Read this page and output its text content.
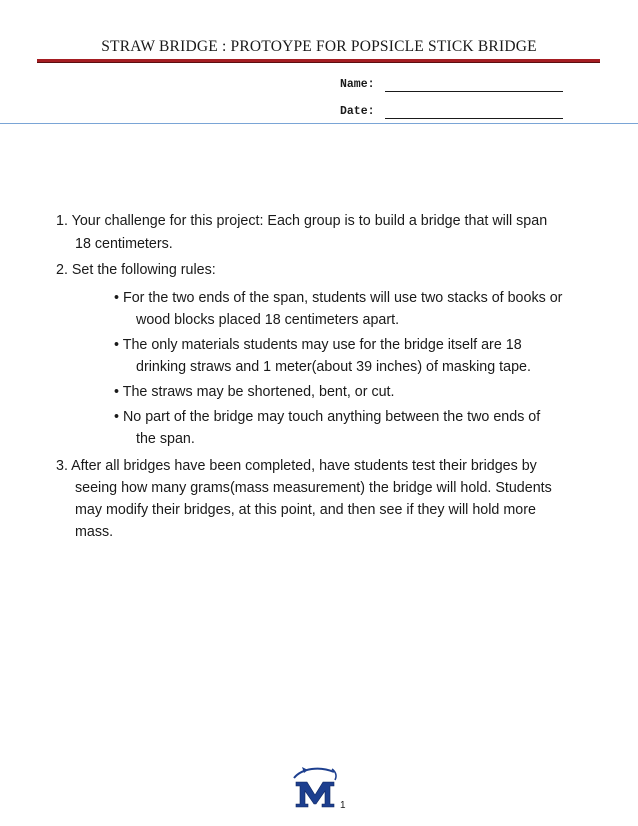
STRAW BRIDGE : PROTOYPE FOR POPSICLE STICK BRIDGE
Name:
Date:
1. Your challenge for this project: Each group is to build a bridge that will span
18 centimeters.
2. Set the following rules:
• For the two ends of the span, students will use two stacks of books or
wood blocks placed 18 centimeters apart.
• The only materials students may use for the bridge itself are 18
drinking straws and 1 meter(about 39 inches) of masking tape.
• The straws may be shortened, bent, or cut.
• No part of the bridge may touch anything between the two ends of
the span.
3. After all bridges have been completed, have students test their bridges by
seeing how many grams(mass measurement) the bridge will hold. Students
may modify their bridges, at this point, and then see if they will hold more
mass.
1
